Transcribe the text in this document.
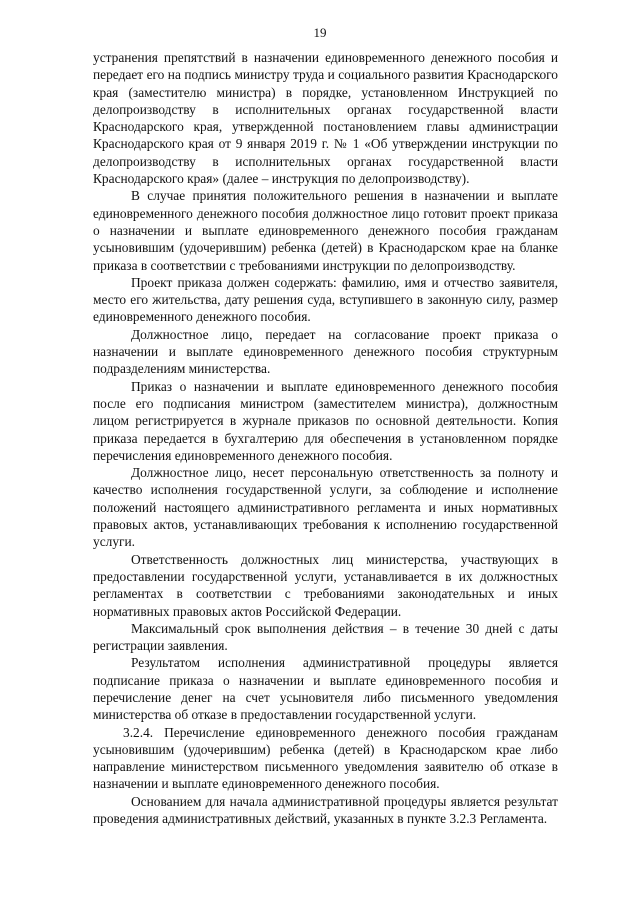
19

устранения препятствий в назначении единовременного денежного пособия и передает его на подпись министру труда и социального развития Краснодарского края (заместителю министра) в порядке, установленном Инструкцией по делопроизводству в исполнительных органах государственной власти Краснодарского края, утвержденной постановлением главы администрации Краснодарского края от 9 января 2019 г. № 1 «Об утверждении инструкции по делопроизводству в исполнительных органах государственной власти Краснодарского края» (далее – инструкция по делопроизводству).

В случае принятия положительного решения в назначении и выплате единовременного денежного пособия должностное лицо готовит проект приказа о назначении и выплате единовременного денежного пособия гражданам усыновившим (удочерившим) ребенка (детей) в Краснодарском крае на бланке приказа в соответствии с требованиями инструкции по делопроизводству.

Проект приказа должен содержать: фамилию, имя и отчество заявителя, место его жительства, дату решения суда, вступившего в законную силу, размер единовременного денежного пособия.

Должностное лицо, передает на согласование проект приказа о назначении и выплате единовременного денежного пособия структурным подразделениям министерства.

Приказ о назначении и выплате единовременного денежного пособия после его подписания министром (заместителем министра), должностным лицом регистрируется в журнале приказов по основной деятельности. Копия приказа передается в бухгалтерию для обеспечения в установленном порядке перечисления единовременного денежного пособия.

Должностное лицо, несет персональную ответственность за полноту и качество исполнения государственной услуги, за соблюдение и исполнение положений настоящего административного регламента и иных нормативных правовых актов, устанавливающих требования к исполнению государственной услуги.

Ответственность должностных лиц министерства, участвующих в предоставлении государственной услуги, устанавливается в их должностных регламентах в соответствии с требованиями законодательных и иных нормативных правовых актов Российской Федерации.

Максимальный срок выполнения действия – в течение 30 дней с даты регистрации заявления.

Результатом исполнения административной процедуры является подписание приказа о назначении и выплате единовременного пособия и перечисление денег на счет усыновителя либо письменного уведомления министерства об отказе в предоставлении государственной услуги.

3.2.4. Перечисление единовременного денежного пособия гражданам усыновившим (удочерившим) ребенка (детей) в Краснодарском крае либо направление министерством письменного уведомления заявителю об отказе в назначении и выплате единовременного денежного пособия.

Основанием для начала административной процедуры является результат проведения административных действий, указанных в пункте 3.2.3 Регламента.
